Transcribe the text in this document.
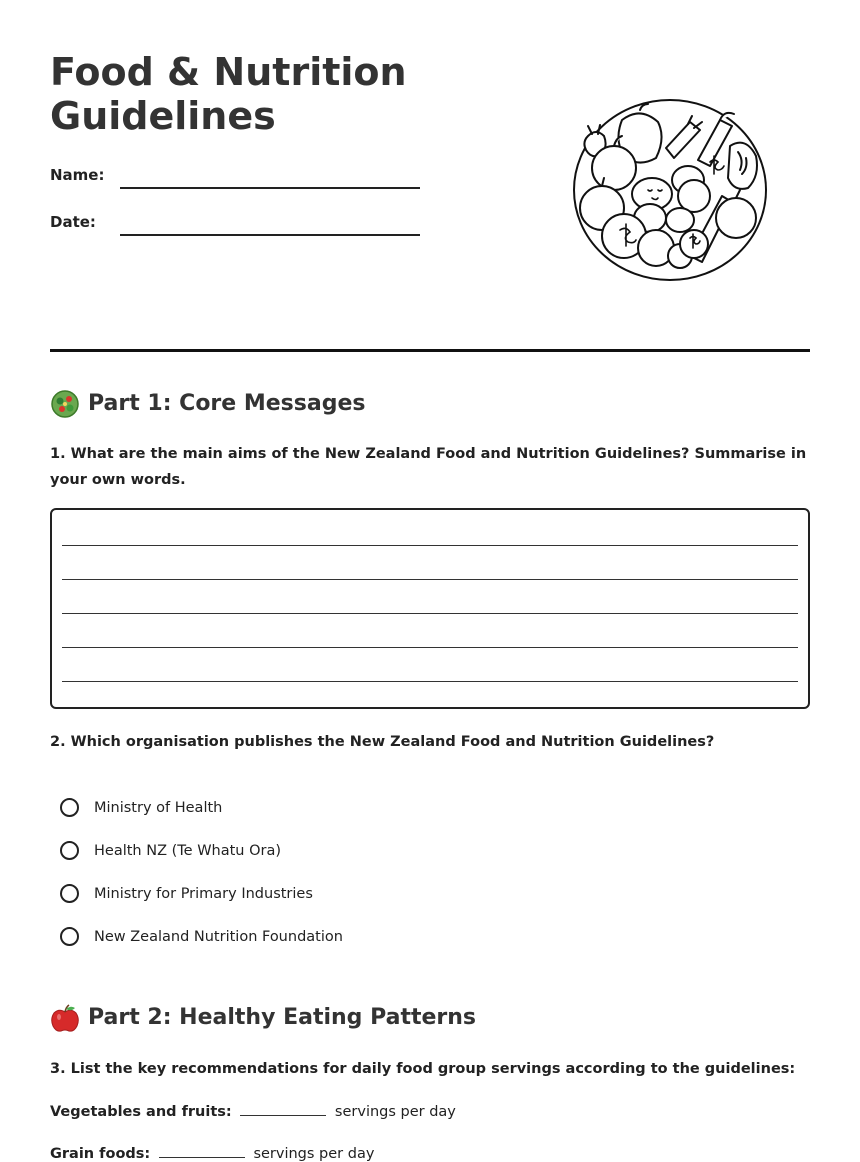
Food & Nutrition Guidelines
Name:
Date:
Part 1: Core Messages

1. What are the main aims of the New Zealand Food and Nutrition Guidelines? Summarise in your own words.

2. Which organisation publishes the New Zealand Food and Nutrition Guidelines?

Ministry of Health
Health NZ (Te Whatu Ora)
Ministry for Primary Industries
New Zealand Nutrition Foundation
Part 2: Healthy Eating Patterns

3. List the key recommendations for daily food group servings according to the guidelines:

Vegetables and fruits:	servings per day
Grain foods:	servings per day
